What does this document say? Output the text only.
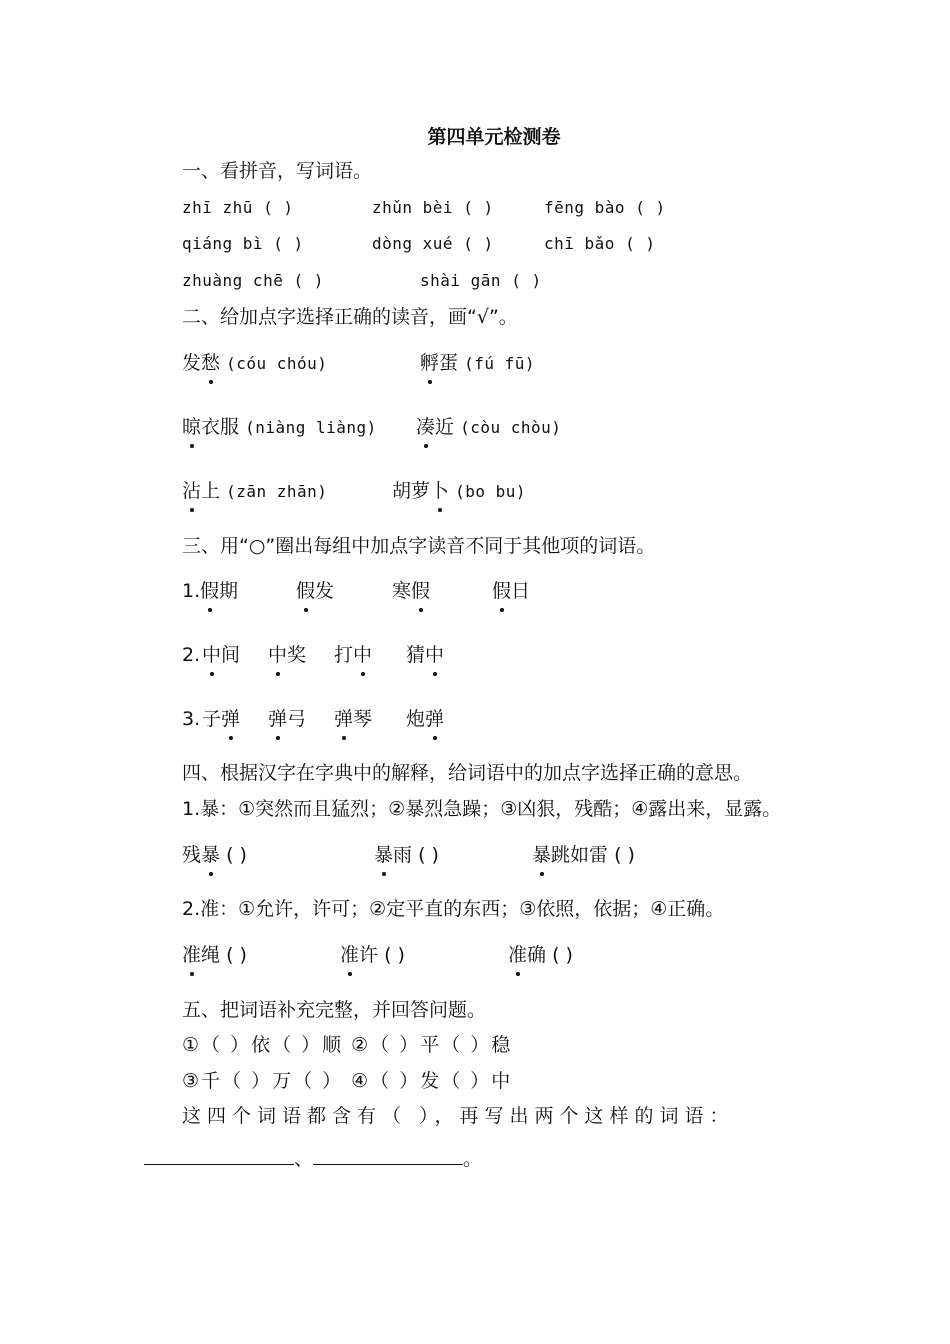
第四单元检测卷
一、看拼音，写词语。
zhī zhū ( )	zhǔn bèi ( )	fēng bào ( )
qiáng bì ( )	dòng xué ( )	chī bǎo ( )
zhuàng chē ( )	shài gān ( )
二、给加点字选择正确的读音，画“√”。
发愁 (cóu chóu)	孵蛋 (fú fū)
晾衣服 (niàng liàng) 凑近 (còu chòu)
沾上 (zān zhān)	胡萝卜 (bo bu)
三、用“○”圈出每组中加点字读音不同于其他项的词语。
1.假期	假发	寒假	假日
2.中间 中奖 打中 猜中
3.子弹 弹弓 弹琴 炮弹
四、根据汉字在字典中的解释，给词语中的加点字选择正确的意思。
1.暴：①突然而且猛烈；②暴烈急躁；③凶狠，残酷；④露出来，显露。
残暴 ( )	暴雨 ( )	暴跳如雷 ( )
2.准：①允许，许可；②定平直的东西；③依照，依据；④正确。
准绳 ( )	准许 ( )	准确 ( )
五、把词语补充完整，并回答问题。
①（ ）依（ ）顺 ②（ ）平（ ）稳
③千（ ）万（ ） ④（ ）发（ ）中
这四个词语都含有（ ），再写出两个这样的词语：
、	。
